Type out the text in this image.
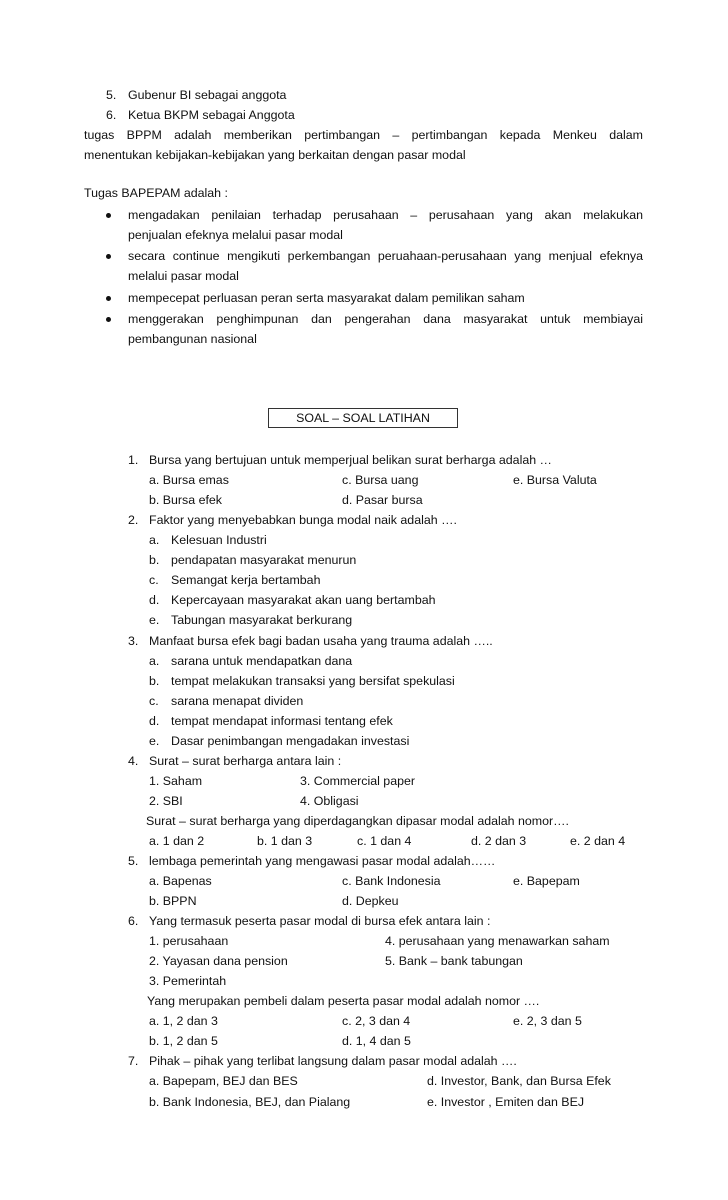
5. Gubenur BI sebagai anggota
6. Ketua BKPM sebagai Anggota
tugas BPPM adalah memberikan pertimbangan – pertimbangan kepada Menkeu dalam
menentukan kebijakan-kebijakan yang berkaitan dengan pasar modal
Tugas BAPEPAM adalah :
mengadakan penilaian terhadap perusahaan – perusahaan yang akan melakukan
penjualan efeknya melalui pasar modal
secara continue mengikuti perkembangan peruahaan-perusahaan yang menjual efeknya
melalui pasar modal
mempecepat perluasan peran serta masyarakat dalam pemilikan saham
menggerakan penghimpunan dan pengerahan dana masyarakat untuk membiayai
pembangunan nasional
SOAL – SOAL LATIHAN
1. Bursa yang bertujuan untuk memperjual belikan surat berharga adalah …
a. Bursa emas	c. Bursa uang	e. Bursa Valuta
b. Bursa efek	d. Pasar bursa
2. Faktor yang menyebabkan bunga modal naik adalah ….
a. Kelesuan Industri
b. pendapatan masyarakat menurun
c. Semangat kerja bertambah
d. Kepercayaan masyarakat akan uang bertambah
e. Tabungan masyarakat berkurang
3. Manfaat bursa efek bagi badan usaha yang trauma adalah …..
a. sarana untuk mendapatkan dana
b. tempat melakukan transaksi yang bersifat spekulasi
c. sarana menapat dividen
d. tempat mendapat informasi tentang efek
e. Dasar penimbangan mengadakan investasi
4. Surat – surat berharga antara lain :
1. Saham	3. Commercial paper
2. SBI	4. Obligasi
Surat – surat berharga yang diperdagangkan dipasar modal adalah nomor….
a. 1 dan 2	b. 1 dan 3	c. 1 dan 4	d. 2 dan 3	e. 2 dan 4
5. lembaga pemerintah yang mengawasi pasar modal adalah……
a. Bapenas	c. Bank Indonesia	e. Bapepam
b. BPPN	d. Depkeu
6. Yang termasuk peserta pasar modal di bursa efek antara lain :
1. perusahaan	4. perusahaan yang menawarkan saham
2. Yayasan dana pension	5. Bank – bank tabungan
3. Pemerintah
Yang merupakan pembeli dalam peserta pasar modal adalah nomor ….
a. 1, 2 dan 3	c. 2, 3 dan 4	e. 2, 3 dan 5
b. 1, 2 dan 5	d. 1, 4 dan 5
7. Pihak – pihak yang terlibat langsung dalam pasar modal adalah ….
a. Bapepam, BEJ dan BES	d. Investor, Bank, dan Bursa Efek
b. Bank Indonesia, BEJ, dan Pialang	e. Investor , Emiten dan BEJ
